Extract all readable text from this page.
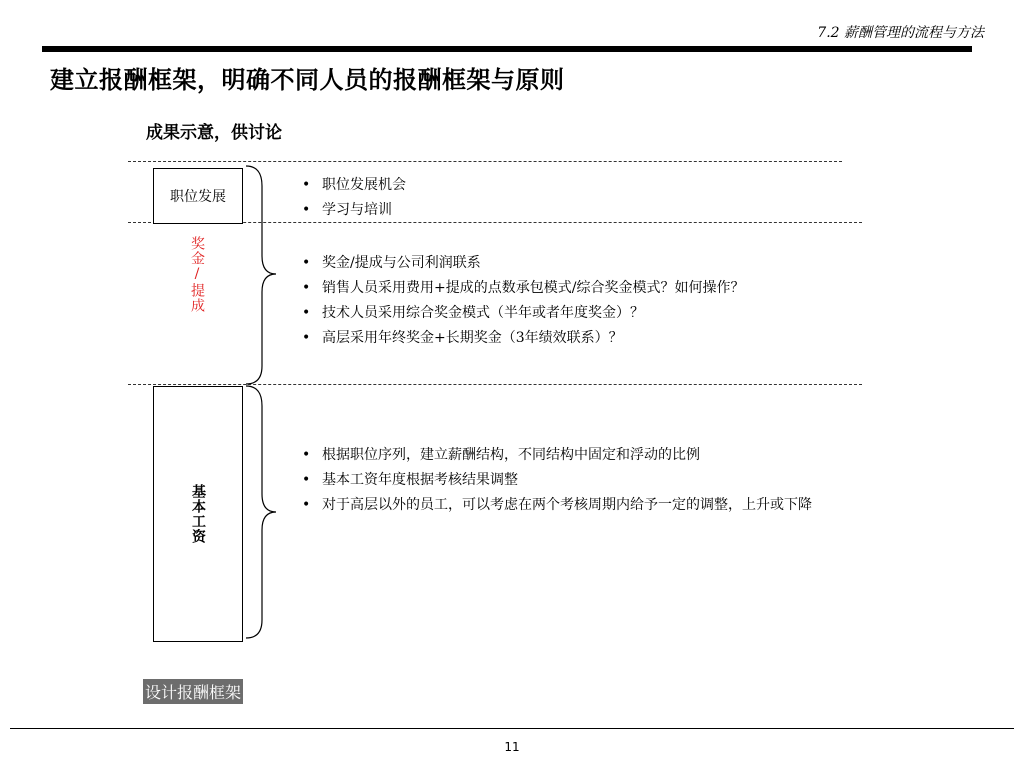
7.2 薪酬管理的流程与方法
建立报酬框架，明确不同人员的报酬框架与原则
成果示意，供讨论
职位发展
奖金/提成
基本工资
• 职位发展机会
• 学习与培训
• 奖金/提成与公司利润联系
• 销售人员采用费用+提成的点数承包模式/综合奖金模式？如何操作？
• 技术人员采用综合奖金模式（半年或者年度奖金）？
• 高层采用年终奖金+长期奖金（3年绩效联系）？
• 根据职位序列，建立薪酬结构，不同结构中固定和浮动的比例
• 基本工资年度根据考核结果调整
• 对于高层以外的员工，可以考虑在两个考核周期内给予一定的调整，上升或下降
设计报酬框架
11
